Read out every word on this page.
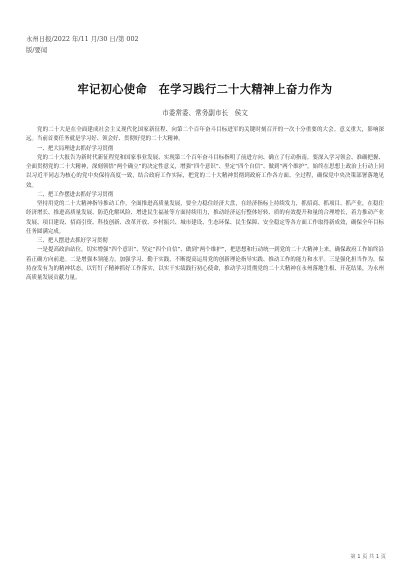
永州日报/2022 年/11 月/30 日/第 002
版/要闻
牢记初心使命　在学习践行二十大精神上奋力作为
市委常委、常务副市长　侯文

党的二十大是在全面建成社会主义现代化国家新征程、向第二个百年奋斗目标进军的关键时刻召开的一次十分重要的大会。意义重大，影响深远。当前首要任务就是学习好、领会好、贯彻好党的二十大精神。

一、把大局理进去抓好学习贯彻

党的二十大报告为新时代新征程党和国家事业发展、实现第二个百年奋斗目标指明了前进方向、确立了行动指南。要深入学习领会、准确把握、全面贯彻党的二十大精神，深刻领悟“两个确立”的决定性意义，增强“四个意识”、坚定“四个自信”、做到“两个维护”，始终在思想上政治上行动上同以习近平同志为核心的党中央保持高度一致，结合政府工作实际，把党的二十大精神贯彻到政府工作各方面、全过程，确保党中央决策部署落地见效。

二、把工作摆进去抓好学习贯彻

坚持用党的二十大精神指导推动工作，全面推进高质量发展，要全力稳住经济大盘，在经济指标上持续发力，抓招商、抓项目、抓产业，在稳住经济增长、推进高质量发展、防范化解风险、增进民生福祉等方面持续用力，推动经济运行整体好转、质的有效提升和量的合理增长，着力推动产业发展、项目建设、招商引资、科技创新、改革开放、乡村振兴、城市建设、生态环保、民生保障、安全稳定等各方面工作取得新成效，确保全年目标任务圆满完成。

三、把人摆进去抓好学习贯彻

一是提高政治站位，切实增强“四个意识”、坚定“四个自信”、做到“两个维护”，把思想和行动统一到党的二十大精神上来，确保政府工作始终沿着正确方向前进。二是增强本领能力，加强学习、勤于实践，不断提高运用党的创新理论指导实践、推动工作的能力和水平。三是强化担当作为，保持奋发有为的精神状态，以钉钉子精神抓好工作落实，以实干实绩践行初心使命，推动学习贯彻党的二十大精神在永州落地生根、开花结果，为永州高质量发展贡献力量。

第 1 页 共 1 页
